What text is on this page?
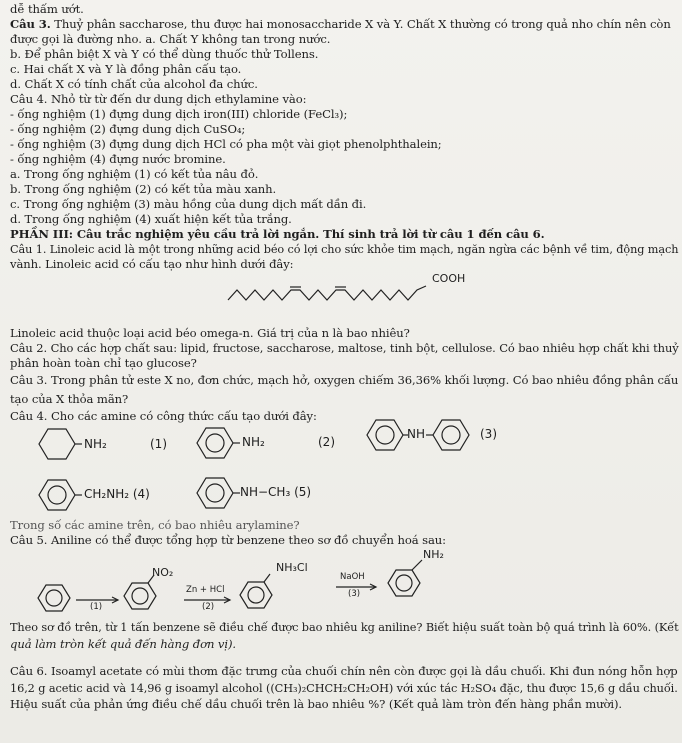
dễ thấm ướt.
Câu 3. Thuỷ phân saccharose, thu được hai monosaccharide X và Y. Chất X thường có trong quả nho chín nên còn
được gọi là đường nho. a. Chất Y không tan trong nước.
b. Để phân biệt X và Y có thể dùng thuốc thử Tollens.
c. Hai chất X và Y là đồng phân cấu tạo.
d. Chất X có tính chất của alcohol đa chức.
Câu 4. Nhỏ từ từ đến dư dung dịch ethylamine vào:
- ống nghiệm (1) đựng dung dịch iron(III) chloride (FeCl₃);
- ống nghiệm (2) đựng dung dịch CuSO₄;
- ống nghiệm (3) đựng dung dịch HCl có pha một vài giọt phenolphthalein;
- ống nghiệm (4) đựng nước bromine.
a. Trong ống nghiệm (1) có kết tủa nâu đỏ.
b. Trong ống nghiệm (2) có kết tủa màu xanh.
c. Trong ống nghiệm (3) màu hồng của dung dịch mất dần đi.
d. Trong ống nghiệm (4) xuất hiện kết tủa trắng.
PHẦN III: Câu trắc nghiệm yêu cầu trả lời ngắn. Thí sinh trả lời từ câu 1 đến câu 6.
Câu 1. Linoleic acid là một trong những acid béo có lợi cho sức khỏe tim mạch, ngăn ngừa các bệnh về tim, động mạch
vành. Linoleic acid có cấu tạo như hình dưới đây:
COOH
Linoleic acid thuộc loại acid béo omega-n. Giá trị của n là bao nhiêu?
Câu 2. Cho các hợp chất sau: lipid, fructose, saccharose, maltose, tinh bột, cellulose. Có bao nhiêu hợp chất khi thuỷ
phân hoàn toàn chỉ tạo glucose?
Câu 3. Trong phân tử este X no, đơn chức, mạch hở, oxygen chiếm 36,36% khối lượng. Có bao nhiêu đồng phân cấu
tạo của X thỏa mãn?
Câu 4. Cho các amine có công thức cấu tạo dưới đây:
NH₂	(1)	NH₂	(2)
NH	(3)
CH₂NH₂ (4)	NH−CH₃ (5)
Trong số các amine trên, có bao nhiêu arylamine?
Câu 5. Aniline có thể được tổng hợp từ benzene theo sơ đồ chuyển hoá sau:
(1)
NO₂
Zn + HCl
(2)
NH₃Cl
NaOH
(3)
NH₂
Theo sơ đồ trên, từ 1 tấn benzene sẽ điều chế được bao nhiêu kg aniline? Biết hiệu suất toàn bộ quá trình là 60%. (Kết
quả làm tròn kết quả đến hàng đơn vị).
Câu 6. Isoamyl acetate có mùi thơm đặc trưng của chuối chín nên còn được gọi là dầu chuối. Khi đun nóng hỗn hợp
16,2 g acetic acid và 14,96 g isoamyl alcohol ((CH₃)₂CHCH₂CH₂OH) với xúc tác H₂SO₄ đặc, thu được 15,6 g dầu chuối.
Hiệu suất của phản ứng điều chế dầu chuối trên là bao nhiêu %? (Kết quả làm tròn đến hàng phần mười).
